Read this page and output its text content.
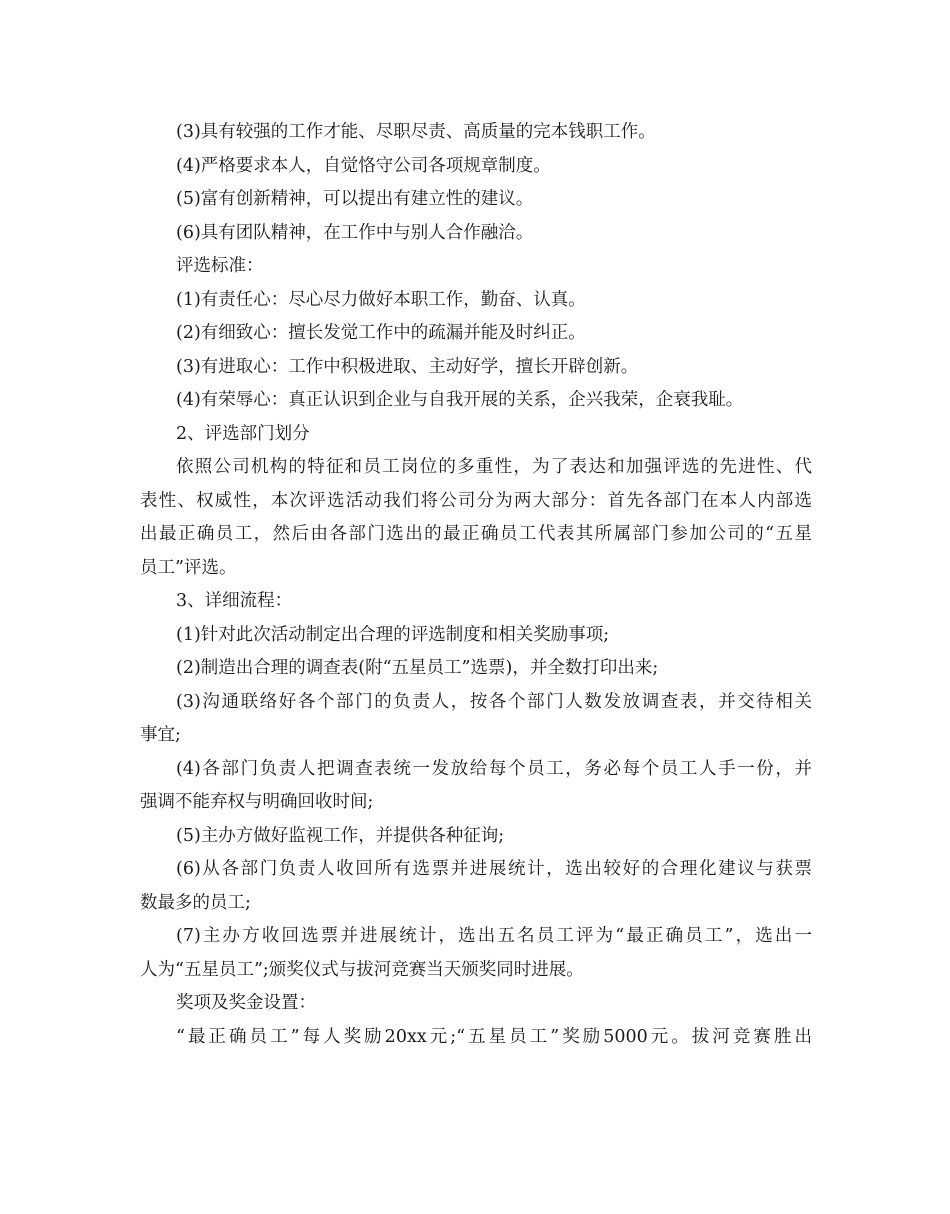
(3)具有较强的工作才能、尽职尽责、高质量的完本钱职工作。
(4)严格要求本人，自觉恪守公司各项规章制度。
(5)富有创新精神，可以提出有建立性的建议。
(6)具有团队精神，在工作中与别人合作融洽。
评选标准：
(1)有责任心：尽心尽力做好本职工作，勤奋、认真。
(2)有细致心：擅长发觉工作中的疏漏并能及时纠正。
(3)有进取心：工作中积极进取、主动好学，擅长开辟创新。
(4)有荣辱心：真正认识到企业与自我开展的关系，企兴我荣，企衰我耻。
2、评选部门划分
依照公司机构的特征和员工岗位的多重性，为了表达和加强评选的先进性、代
表性、权威性，本次评选活动我们将公司分为两大部分：首先各部门在本人内部选
出最正确员工，然后由各部门选出的最正确员工代表其所属部门参加公司的“五星
员工”评选。
3、详细流程：
(1)针对此次活动制定出合理的评选制度和相关奖励事项;
(2)制造出合理的调查表(附“五星员工”选票)，并全数打印出来;
(3)沟通联络好各个部门的负责人，按各个部门人数发放调查表，并交待相关
事宜;
(4)各部门负责人把调查表统一发放给每个员工，务必每个员工人手一份，并
强调不能弃权与明确回收时间;
(5)主办方做好监视工作，并提供各种征询;
(6)从各部门负责人收回所有选票并进展统计，选出较好的合理化建议与获票
数最多的员工;
(7)主办方收回选票并进展统计，选出五名员工评为“最正确员工”，选出一
人为“五星员工”;颁奖仪式与拔河竞赛当天颁奖同时进展。
奖项及奖金设置：
“最正确员工”每人奖励20xx元;“五星员工”奖励5000元。拔河竞赛胜出
